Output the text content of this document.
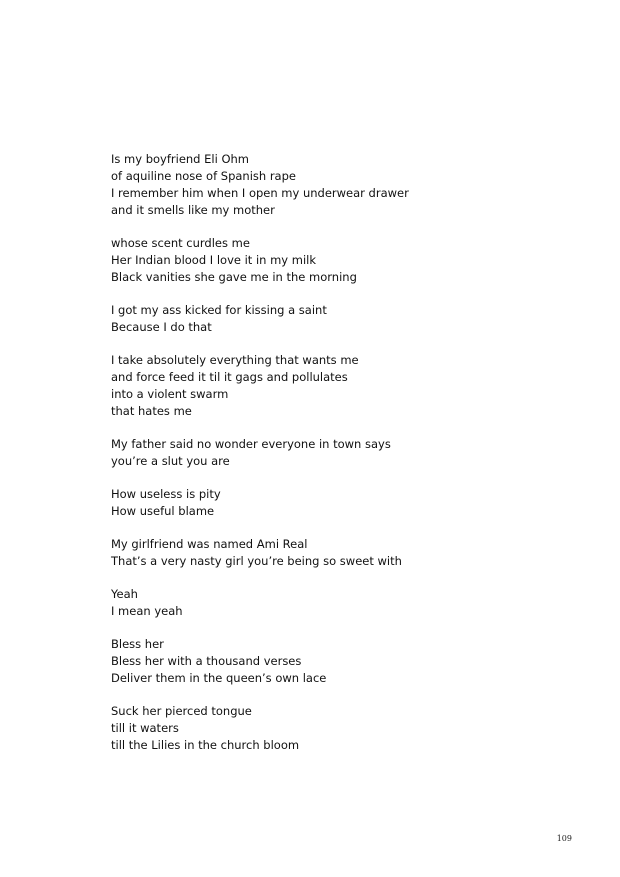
Is my boyfriend Eli Ohm
of aquiline nose of Spanish rape
I remember him when I open my underwear drawer
and it smells like my mother
whose scent curdles me
Her Indian blood I love it in my milk
Black vanities she gave me in the morning
I got my ass kicked for kissing a saint
Because I do that
I take absolutely everything that wants me
and force feed it til it gags and pollulates
into a violent swarm
that hates me
My father said no wonder everyone in town says
you’re a slut you are
How useless is pity
How useful blame
My girlfriend was named Ami Real
That’s a very nasty girl you’re being so sweet with
Yeah
I mean yeah
Bless her
Bless her with a thousand verses
Deliver them in the queen’s own lace
Suck her pierced tongue
till it waters
till the Lilies in the church bloom
109
